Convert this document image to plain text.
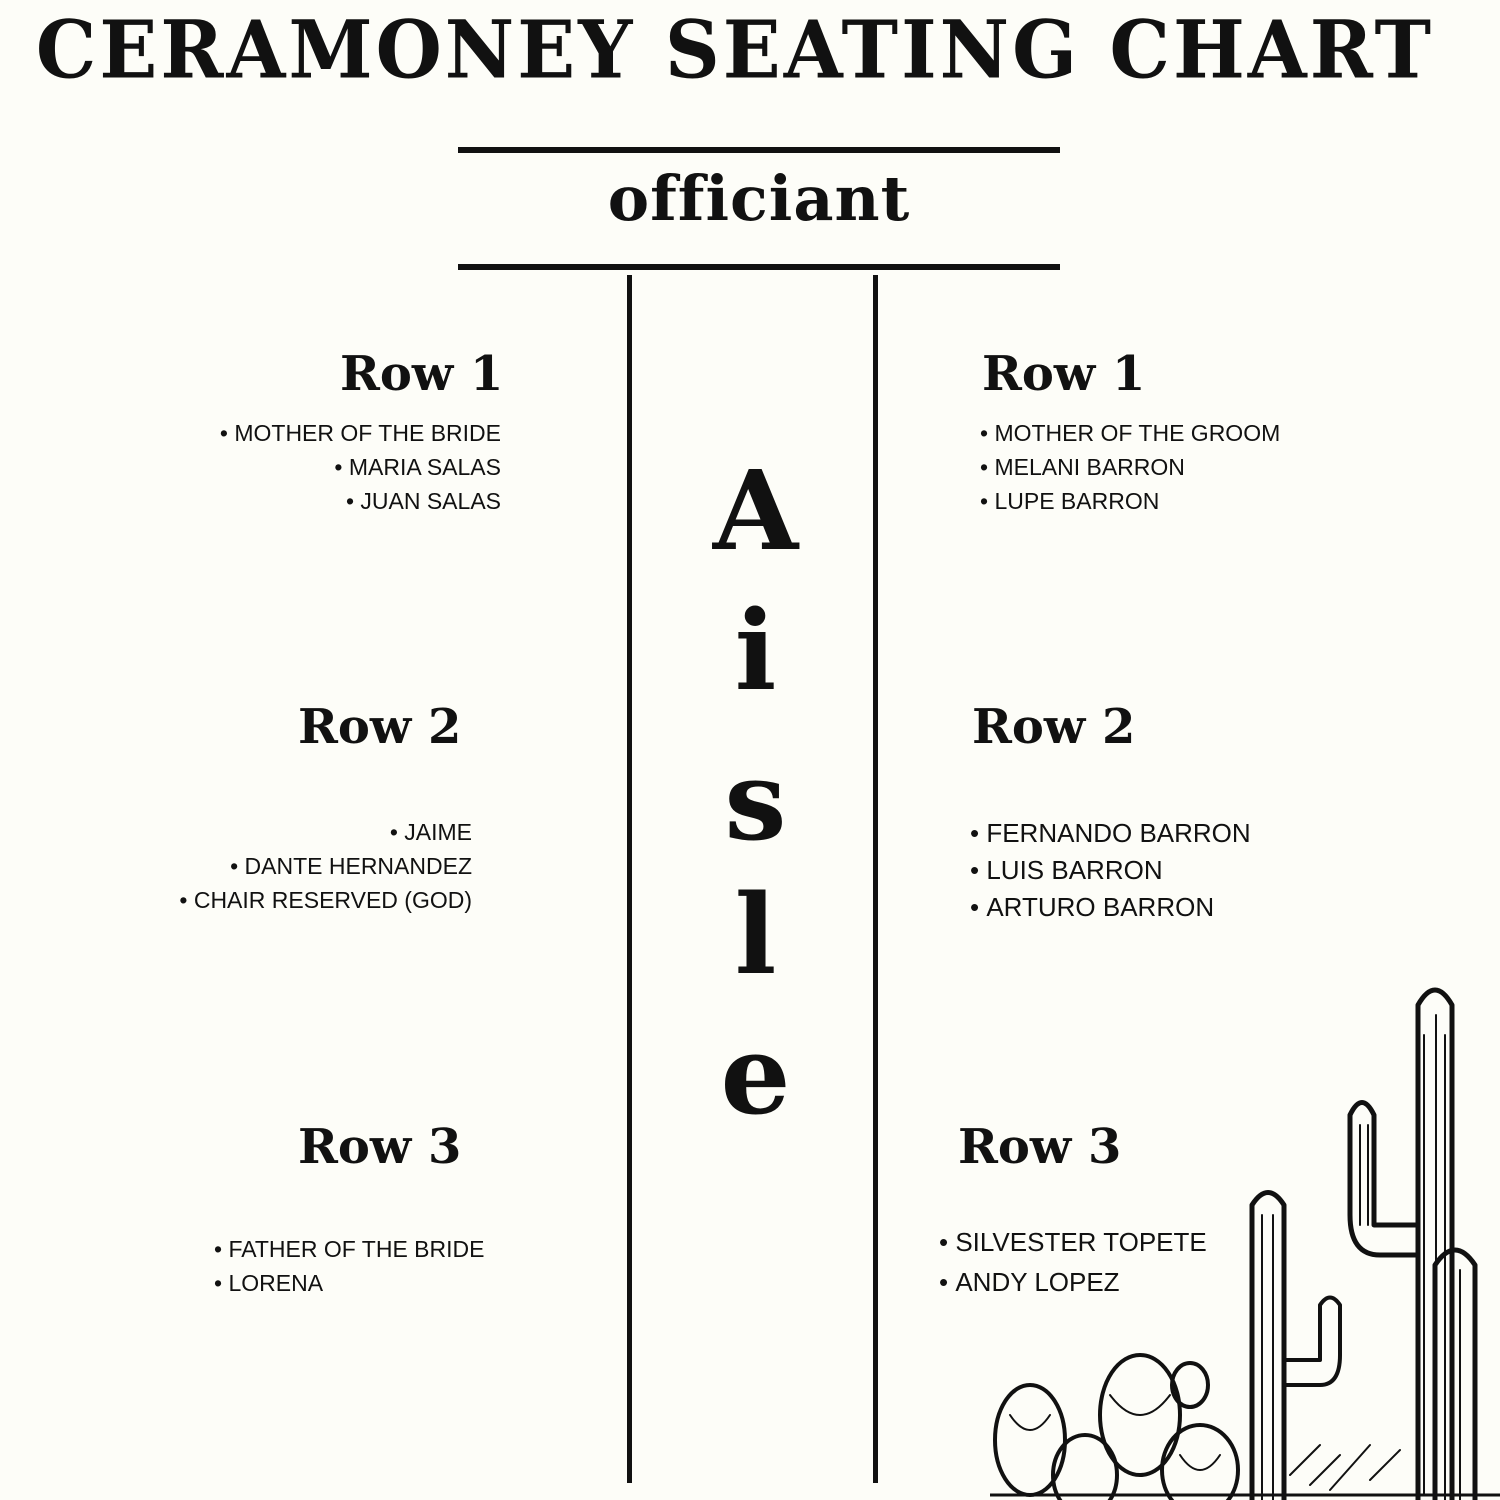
CERAMONEY SEATING CHART
officiant
A
i
s
l
e
Row 1
• MOTHER OF THE BRIDE
• MARIA SALAS
• JUAN SALAS
Row 2
• JAIME
• DANTE HERNANDEZ
• CHAIR RESERVED (GOD)
Row 3
• FATHER OF THE BRIDE
• LORENA
Row 1
• MOTHER OF THE GROOM
• MELANI BARRON
• LUPE BARRON
Row 2
• FERNANDO BARRON
• LUIS BARRON
• ARTURO BARRON
Row 3
• SILVESTER TOPETE
• ANDY LOPEZ
